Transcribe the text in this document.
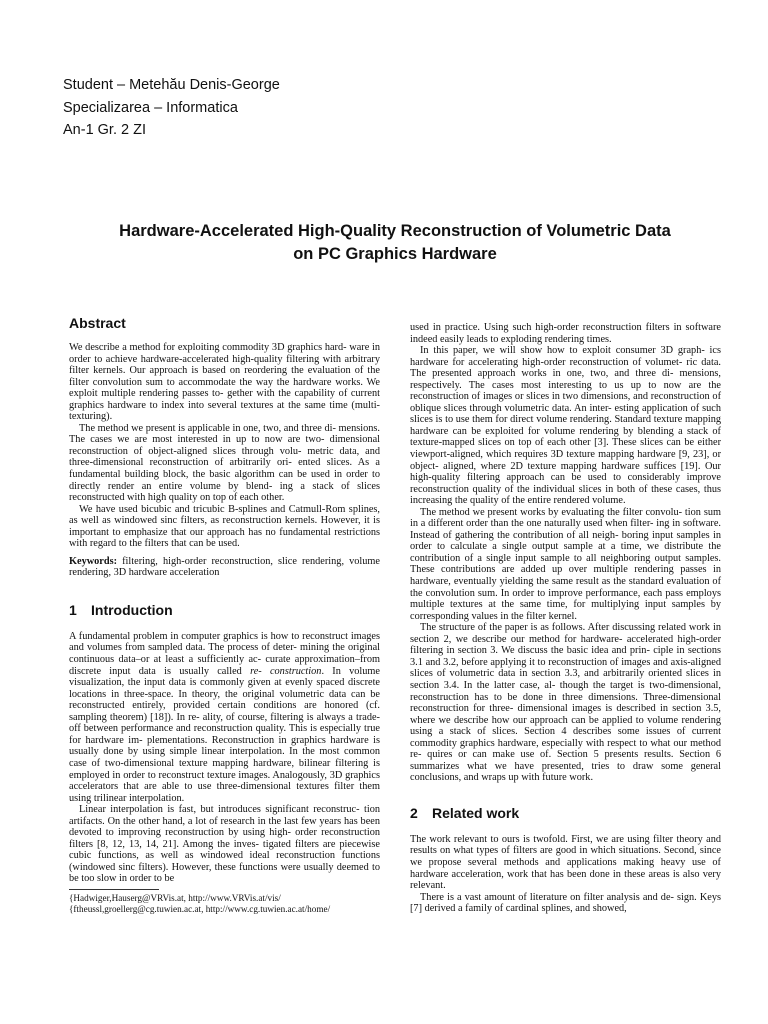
Student – Metehău Denis-George
Specializarea – Informatica
An-1 Gr. 2 ZI
Hardware-Accelerated High-Quality Reconstruction of Volumetric Data
on PC Graphics Hardware
Abstract

We describe a method for exploiting commodity 3D graphics hard- ware in order to achieve hardware-accelerated high-quality filtering with arbitrary filter kernels. Our approach is based on reordering the evaluation of the filter convolution sum to accommodate the way the hardware works. We exploit multiple rendering passes to- gether with the capability of current graphics hardware to index into several textures at the same time (multi-texturing).

The method we present is applicable in one, two, and three di- mensions. The cases we are most interested in up to now are two- dimensional reconstruction of object-aligned slices through volu- metric data, and three-dimensional reconstruction of arbitrarily ori- ented slices. As a fundamental building block, the basic algorithm can be used in order to directly render an entire volume by blend- ing a stack of slices reconstructed with high quality on top of each other.

We have used bicubic and tricubic B-splines and Catmull-Rom splines, as well as windowed sinc filters, as reconstruction kernels. However, it is important to emphasize that our approach has no fundamental restrictions with regard to the filters that can be used.

Keywords: filtering, high-order reconstruction, slice rendering, volume rendering, 3D hardware acceleration

1 Introduction

A fundamental problem in computer graphics is how to reconstruct images and volumes from sampled data. The process of deter- mining the original continuous data–or at least a sufficiently ac- curate approximation–from discrete input data is usually called re- construction. In volume visualization, the input data is commonly given at evenly spaced discrete locations in three-space. In theory, the original volumetric data can be reconstructed entirely, provided certain conditions are honored (cf. sampling theorem) [18]). In re- ality, of course, filtering is always a trade-off between performance and reconstruction quality. This is especially true for hardware im- plementations. Reconstruction in graphics hardware is usually done by using simple linear interpolation. In the most common case of two-dimensional texture mapping hardware, bilinear filtering is employed in order to reconstruct texture images. Analogously, 3D graphics accelerators that are able to use three-dimensional textures filter them using trilinear interpolation.

Linear interpolation is fast, but introduces significant reconstruc- tion artifacts. On the other hand, a lot of research in the last few years has been devoted to improving reconstruction by using high- order reconstruction filters [8, 12, 13, 14, 21]. Among the inves- tigated filters are piecewise cubic functions, as well as windowed ideal reconstruction functions (windowed sinc filters). However, these functions were usually deemed to be too slow in order to be

{Hadwiger,Hauserg@VRVis.at, http://www.VRVis.at/vis/

{ftheussl,groellerg@cg.tuwien.ac.at, http://www.cg.tuwien.ac.at/home/

used in practice. Using such high-order reconstruction filters in software indeed easily leads to exploding rendering times.

In this paper, we will show how to exploit consumer 3D graph- ics hardware for accelerating high-order reconstruction of volumet- ric data. The presented approach works in one, two, and three di- mensions, respectively. The cases most interesting to us up to now are the reconstruction of images or slices in two dimensions, and reconstruction of oblique slices through volumetric data. An inter- esting application of such slices is to use them for direct volume rendering. Standard texture mapping hardware can be exploited for volume rendering by blending a stack of texture-mapped slices on top of each other [3]. These slices can be either viewport-aligned, which requires 3D texture mapping hardware [9, 23], or object- aligned, where 2D texture mapping hardware suffices [19]. Our high-quality filtering approach can be used to considerably improve reconstruction quality of the individual slices in both of these cases, thus increasing the quality of the entire rendered volume.

The method we present works by evaluating the filter convolu- tion sum in a different order than the one naturally used when filter- ing in software. Instead of gathering the contribution of all neigh- boring input samples in order to calculate a single output sample at a time, we distribute the contribution of a single input sample to all neighboring output samples. These contributions are added up over multiple rendering passes in hardware, eventually yielding the same result as the standard evaluation of the convolution sum. In order to improve performance, each pass employs multiple textures at the same time, for multiplying input samples by corresponding values in the filter kernel.

The structure of the paper is as follows. After discussing related work in section 2, we describe our method for hardware- accelerated high-order filtering in section 3. We discuss the basic idea and prin- ciple in sections 3.1 and 3.2, before applying it to reconstruction of images and axis-aligned slices of volumetric data in section 3.3, and arbitrarily oriented slices in section 3.4. In the latter case, al- though the target is two-dimensional, reconstruction has to be done in three dimensions. Three-dimensional reconstruction for three- dimensional images is described in section 3.5, where we describe how our approach can be applied to volume rendering using a stack of slices. Section 4 describes some issues of current commodity graphics hardware, especially with respect to what our method re- quires or can make use of. Section 5 presents results. Section 6 summarizes what we have presented, tries to draw some general conclusions, and wraps up with future work.

2 Related work

The work relevant to ours is twofold. First, we are using filter theory and results on what types of filters are good in which situations. Second, since we propose several methods and applications making heavy use of hardware acceleration, work that has been done in these areas is also very relevant.

There is a vast amount of literature on filter analysis and de- sign. Keys [7] derived a family of cardinal splines, and showed,
